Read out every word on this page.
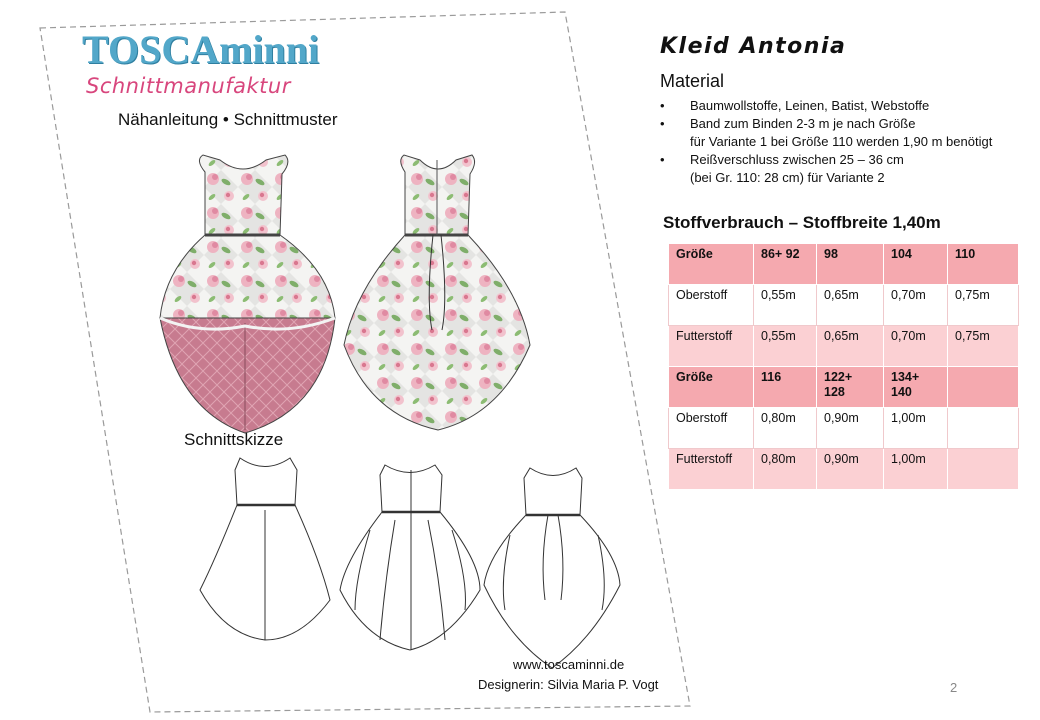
TOSCAminni
Schnittmanufaktur
Nähanleitung • Schnittmuster
Schnittskizze
www.toscaminni.de
Designerin: Silvia Maria P. Vogt
Kleid Antonia
Material
• Baumwollstoffe, Leinen, Batist, Webstoffe
• Band zum Binden 2-3 m je nach Größe
für Variante 1 bei Größe 110 werden 1,90 m benötigt
• Reißverschluss zwischen 25 – 36 cm
(bei Gr. 110: 28 cm) für Variante 2
Stoffverbrauch – Stoffbreite 1,40m
Größe	86+ 92	98	104	110
Oberstoff	0,55m	0,65m	0,70m	0,75m
Futterstoff	0,55m	0,65m	0,70m	0,75m
Größe	116	122+ 128	134+ 140	
Oberstoff	0,80m	0,90m	1,00m	
Futterstoff	0,80m	0,90m	1,00m	
2
